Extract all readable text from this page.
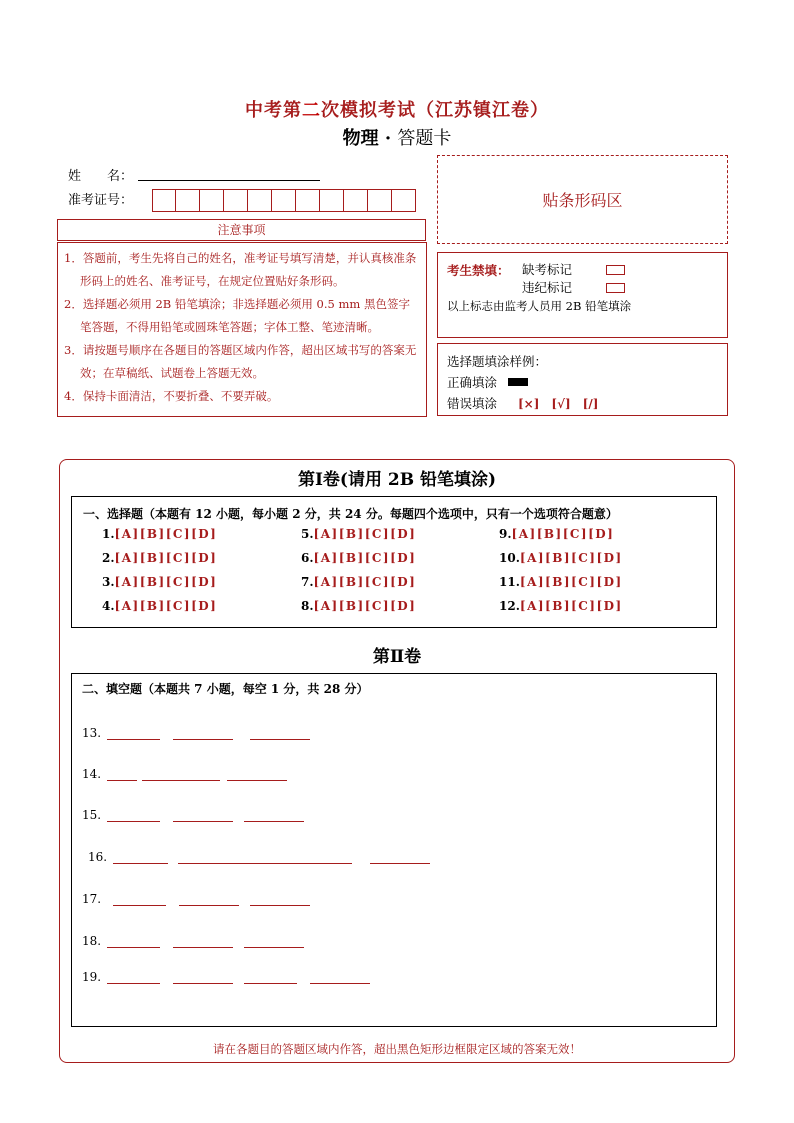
中考第二次模拟考试（江苏镇江卷）
物理 · 答题卡
姓　　名：
准考证号：	贴条形码区
注意事项
1．答题前，考生先将自己的姓名，准考证号填写清楚，并认真核准条形码上的姓名、准考证号，在规定位置贴好条形码。
2．选择题必须用 2B 铅笔填涂；非选择题必须用 0.5 mm 黑色签字笔答题，不得用铅笔或圆珠笔答题；字体工整、笔迹清晰。
3．请按题号顺序在各题目的答题区域内作答，超出区域书写的答案无效；在草稿纸、试题卷上答题无效。
4．保持卡面清洁，不要折叠、不要弄破。
考生禁填： 缺考标记
违纪标记
以上标志由监考人员用 2B 铅笔填涂
选择题填涂样例：
正确填涂
错误填涂 [×]　[√]　[/]
第Ⅰ卷(请用 2B 铅笔填涂)
一、选择题（本题有 12 小题，每小题 2 分，共 24 分。每题四个选项中，只有一个选项符合题意）
1.[A][B][C][D]
2.[A][B][C][D]
3.[A][B][C][D]
4.[A][B][C][D]
5.[A][B][C][D]
6.[A][B][C][D]
7.[A][B][C][D]
8.[A][B][C][D]
9.[A][B][C][D]
10.[A][B][C][D]
11.[A][B][C][D]
12.[A][B][C][D]
第Ⅱ卷
二、填空题（本题共 7 小题，每空 1 分，共 28 分）
13.
14.
15.
16.
17.
18.
19.
请在各题目的答题区域内作答，超出黑色矩形边框限定区域的答案无效！
